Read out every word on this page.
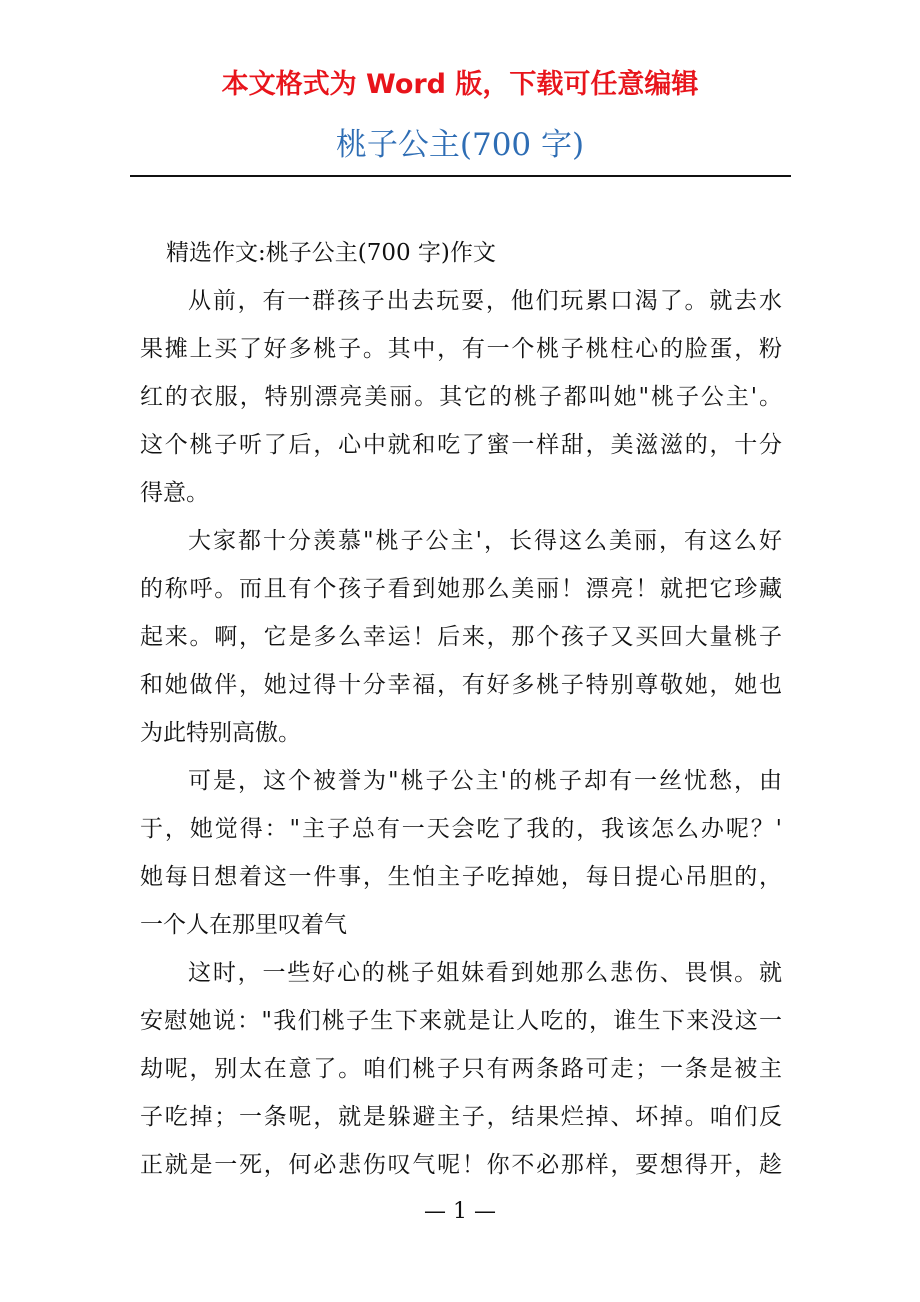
本文格式为 Word 版，下载可任意编辑
桃子公主(700 字)
精选作文:桃子公主(700 字)作文
从前，有一群孩子出去玩耍，他们玩累口渴了。就去水
果摊上买了好多桃子。其中，有一个桃子桃柱心的脸蛋，粉
红的衣服，特别漂亮美丽。其它的桃子都叫她"桃子公主'。
这个桃子听了后，心中就和吃了蜜一样甜，美滋滋的，十分
得意。
大家都十分羡慕"桃子公主'，长得这么美丽，有这么好
的称呼。而且有个孩子看到她那么美丽！漂亮！就把它珍藏
起来。啊，它是多么幸运！后来，那个孩子又买回大量桃子
和她做伴，她过得十分幸福，有好多桃子特别尊敬她，她也
为此特别高傲。
可是，这个被誉为"桃子公主'的桃子却有一丝忧愁，由
于，她觉得："主子总有一天会吃了我的，我该怎么办呢？'
她每日想着这一件事，生怕主子吃掉她，每日提心吊胆的，
一个人在那里叹着气
这时，一些好心的桃子姐妹看到她那么悲伤、畏惧。就
安慰她说："我们桃子生下来就是让人吃的，谁生下来没这一
劫呢，别太在意了。咱们桃子只有两条路可走；一条是被主
子吃掉；一条呢，就是躲避主子，结果烂掉、坏掉。咱们反
正就是一死，何必悲伤叹气呢！你不必那样，要想得开，趁
— 1 —
